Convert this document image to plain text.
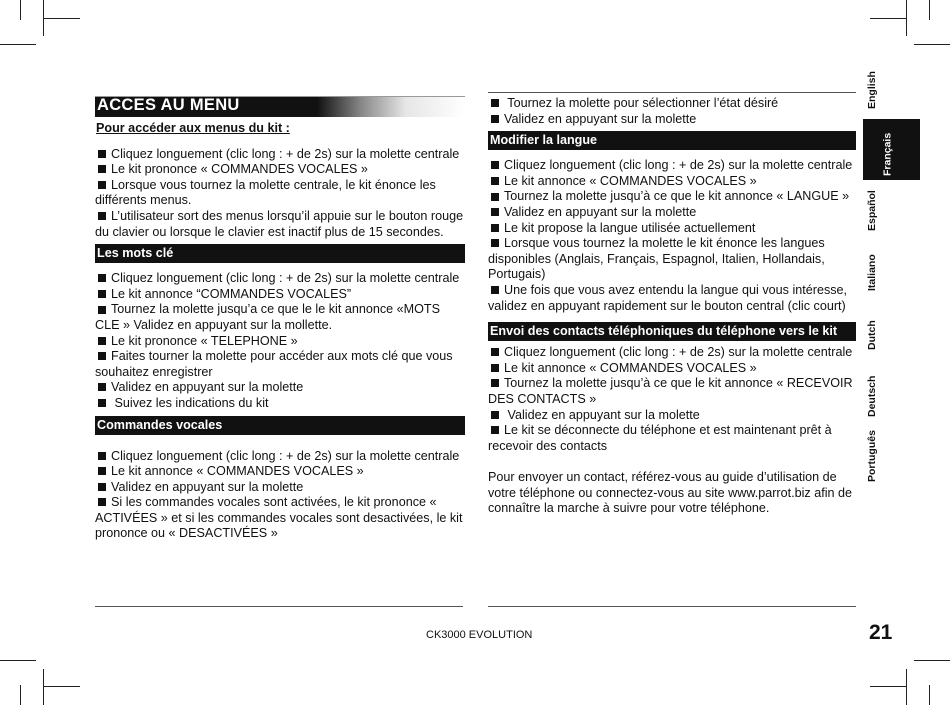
ACCES AU MENU

Pour accéder aux menus du kit :

Cliquez longuement (clic long : + de 2s) sur la molette centrale

Le kit prononce « COMMANDES VOCALES »

Lorsque vous tournez la molette centrale, le kit énonce les différents menus.

L’utilisateur sort des menus lorsqu’il appuie sur le bouton rouge du clavier ou lorsque le clavier est inactif plus de 15 secondes.

Les mots clé

Cliquez longuement (clic long : + de 2s) sur la molette centrale

Le kit annonce “COMMANDES VOCALES”

Tournez la molette jusqu’a ce que le le kit annonce «MOTS CLE » Validez en appuyant sur la mollette.

Le kit prononce « TELEPHONE »

Faites tourner la molette pour accéder aux mots clé que vous souhaitez enregistrer

Validez en appuyant sur la molette

Suivez les indications du kit

Commandes vocales

Cliquez longuement (clic long : + de 2s) sur la molette centrale

Le kit annonce « COMMANDES VOCALES »

Validez en appuyant sur la molette

Si les commandes vocales sont activées, le kit prononce « ACTIVÉES » et si les commandes vocales sont desactivées, le kit prononce ou « DESACTIVÉES »

Tournez la molette pour sélectionner l’état désiré

Validez en appuyant sur la molette

Modifier la langue

Cliquez longuement (clic long : + de 2s) sur la molette centrale

Le kit annonce « COMMANDES VOCALES »

Tournez la molette jusqu’à ce que le kit annonce « LANGUE »

Validez en appuyant sur la molette

Le kit propose la langue utilisée actuellement

Lorsque vous tournez la molette le kit énonce les langues disponibles (Anglais, Français, Espagnol, Italien, Hollandais, Portugais)

Une fois que vous avez entendu la langue qui vous intéresse, validez en appuyant rapidement sur le bouton central (clic court)

Envoi des contacts téléphoniques du téléphone vers le kit

Cliquez longuement (clic long : + de 2s) sur la molette centrale

Le kit annonce « COMMANDES VOCALES »

Tournez la molette jusqu’à ce que le kit annonce « RECEVOIR DES CONTACTS »

Validez en appuyant sur la molette

Le kit se déconnecte du téléphone et est maintenant prêt à recevoir des contacts

Pour envoyer un contact, référez-vous au guide d’utilisation de votre téléphone ou connectez-vous au site www.parrot.biz afin de connaître la marche à suivre pour votre téléphone.

English
Français
Español
Italiano
Dutch
Deutsch
Português
CK3000 EVOLUTION	21
